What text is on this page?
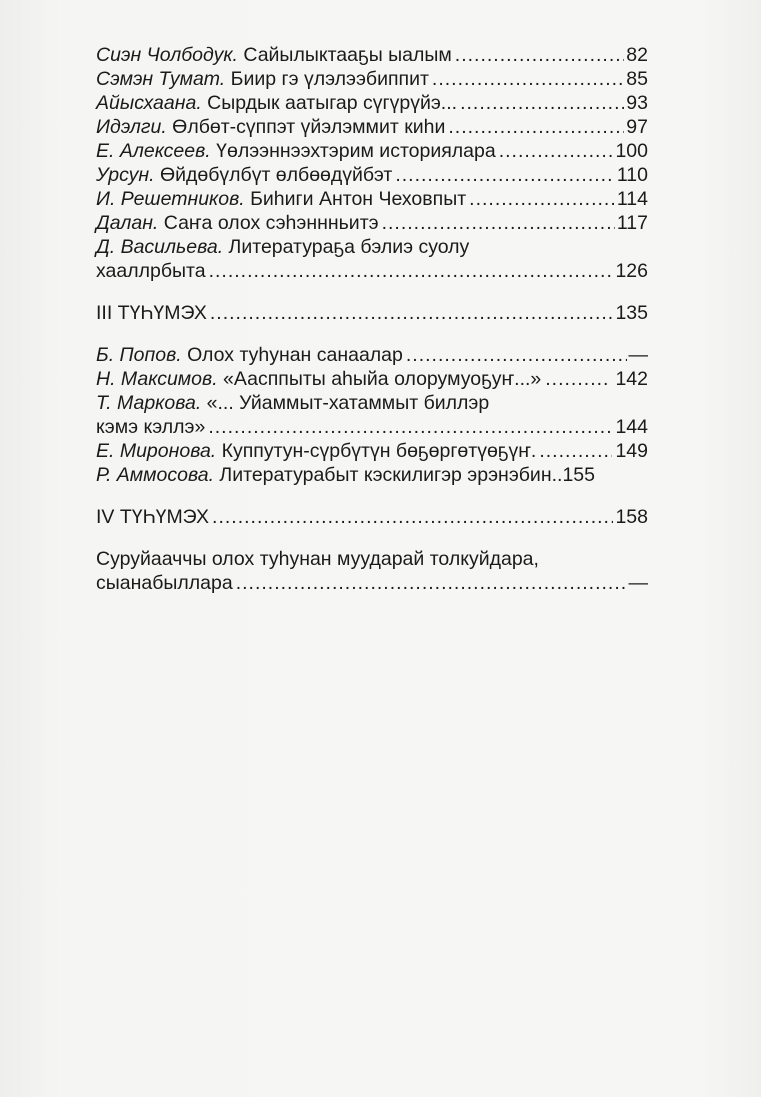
Сиэн Чолбодук. Сайылыктааҕы ыалым .....	82
Сэмэн Тумат. Биир гэ үлэлээбиппит .....	85
Айысхаана. Сырдык аатыгар сүгүрүйэ... .....	93
Идэлги. Өлбөт-сүппэт үйэлэммит киһи .....	97
Е. Алексеев. Үөлээннээхтэрим историялара .....	100
Урсун. Өйдөбүлбүт өлбөөдүйбэт .....	110
И. Решетников. Биһиги Антон Чеховпыт .....	114
Далан. Саҥа олох сэһэннньитэ .....	117
Д. Васильева. Литератураҕа бэлиэ суолу
хааллрбыта .....	126
III ТҮҺҮМЭХ .....	135
Б. Попов. Олох туһунан санаалар .....	—
Н. Максимов. «Аасппыты аһыйа олорумуоҕуҥ...» .....	142
Т. Маркова. «... Уйаммыт-хатаммыт биллэр
кэмэ кэллэ» .....	144
Е. Миронова. Куппутун-сүрбүтүн бөҕөргөтүөҕүҥ. .....	149
Р. Аммосова. Литературабыт кэскилигэр эрэнэбин.. 155
IV ТҮҺҮМЭХ .....	158
Суруйааччы олох туһунан муударай толкуйдара,
сыанабыллара .....	—
